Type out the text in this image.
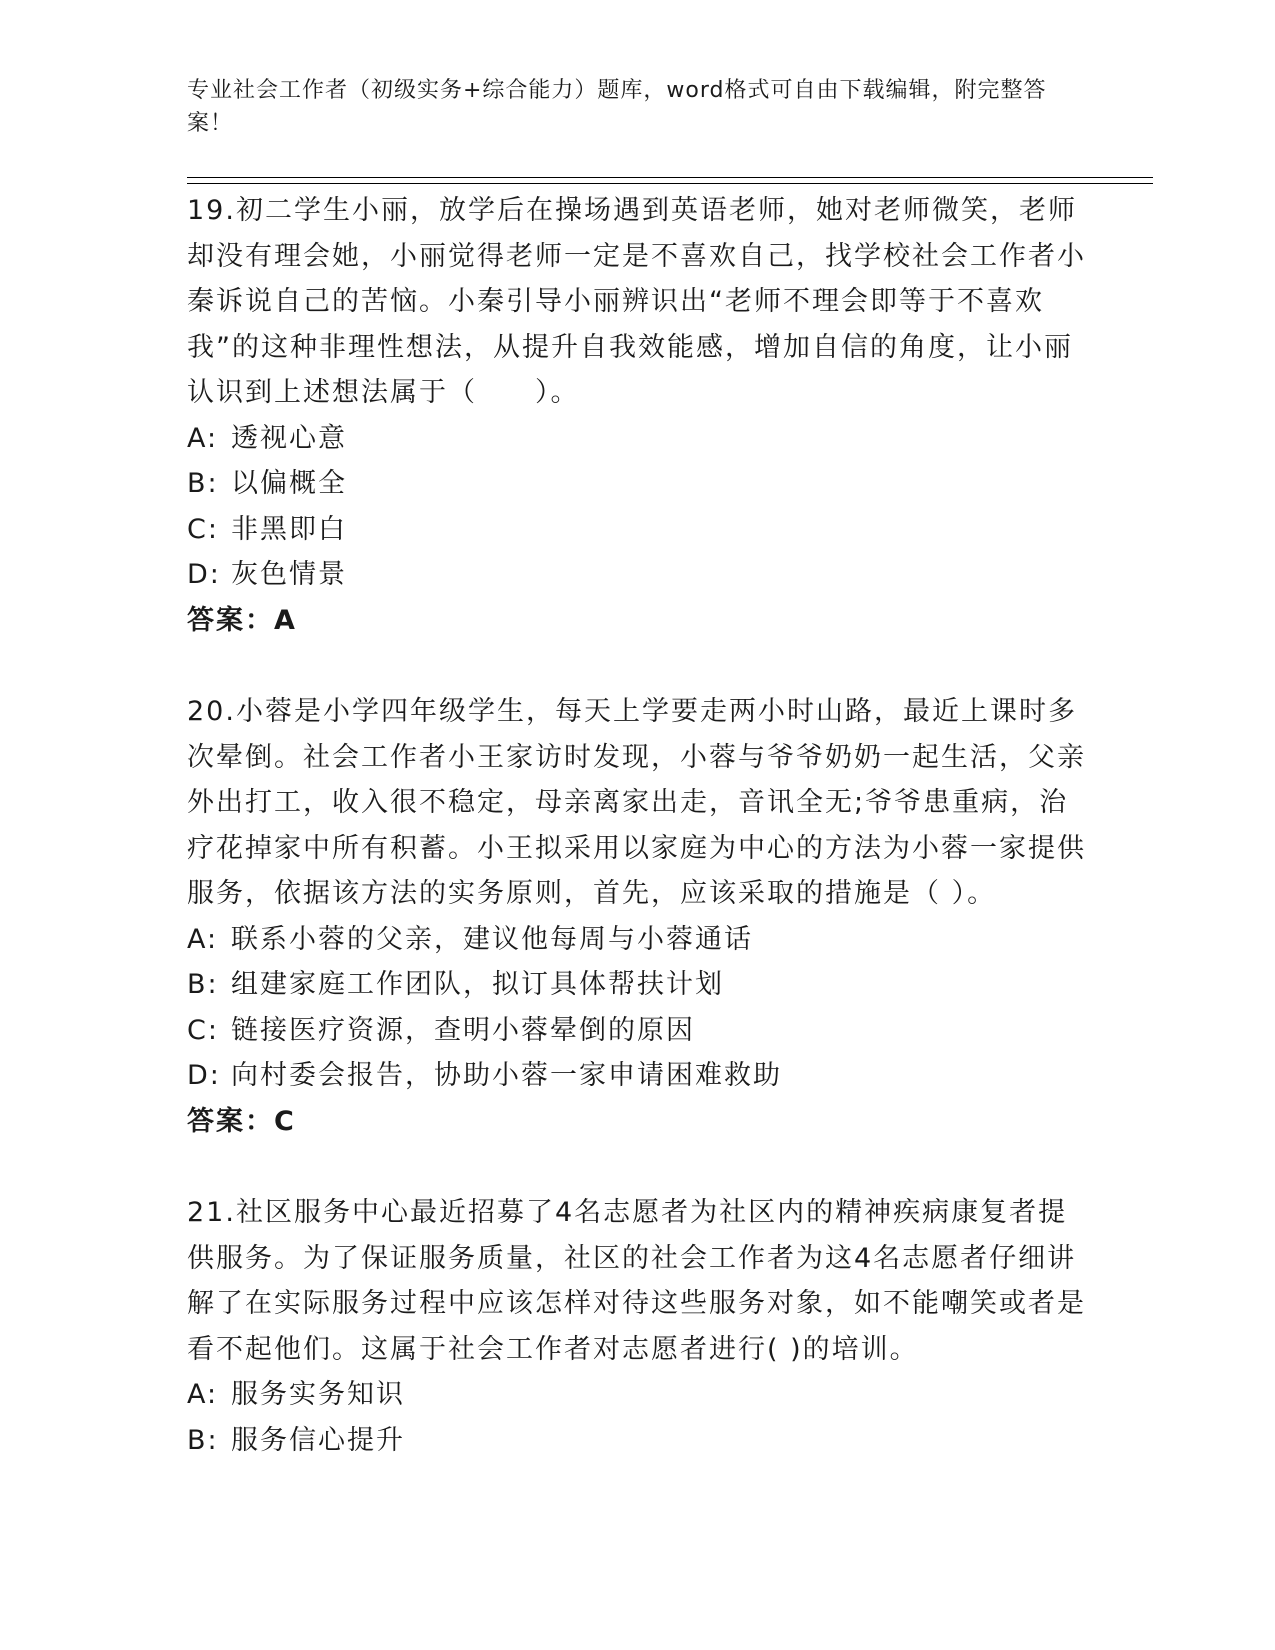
专业社会工作者（初级实务+综合能力）题库，word格式可自由下载编辑，附完整答案！

19.初二学生小丽，放学后在操场遇到英语老师，她对老师微笑，老师却没有理会她，小丽觉得老师一定是不喜欢自己，找学校社会工作者小秦诉说自己的苦恼。小秦引导小丽辨识出“老师不理会即等于不喜欢我”的这种非理性想法，从提升自我效能感，增加自信的角度，让小丽认识到上述想法属于（　　）。

A: 透视心意

B: 以偏概全

C: 非黑即白

D: 灰色情景

答案：A

20.小蓉是小学四年级学生，每天上学要走两小时山路，最近上课时多次晕倒。社会工作者小王家访时发现，小蓉与爷爷奶奶一起生活，父亲外出打工，收入很不稳定，母亲离家出走，音讯全无;爷爷患重病，治疗花掉家中所有积蓄。小王拟采用以家庭为中心的方法为小蓉一家提供服务，依据该方法的实务原则，首先，应该采取的措施是（ ）。

A: 联系小蓉的父亲，建议他每周与小蓉通话

B: 组建家庭工作团队，拟订具体帮扶计划

C: 链接医疗资源，查明小蓉晕倒的原因

D: 向村委会报告，协助小蓉一家申请困难救助

答案：C

21.社区服务中心最近招募了4名志愿者为社区内的精神疾病康复者提供服务。为了保证服务质量，社区的社会工作者为这4名志愿者仔细讲解了在实际服务过程中应该怎样对待这些服务对象，如不能嘲笑或者是看不起他们。这属于社会工作者对志愿者进行( )的培训。

A: 服务实务知识

B: 服务信心提升
